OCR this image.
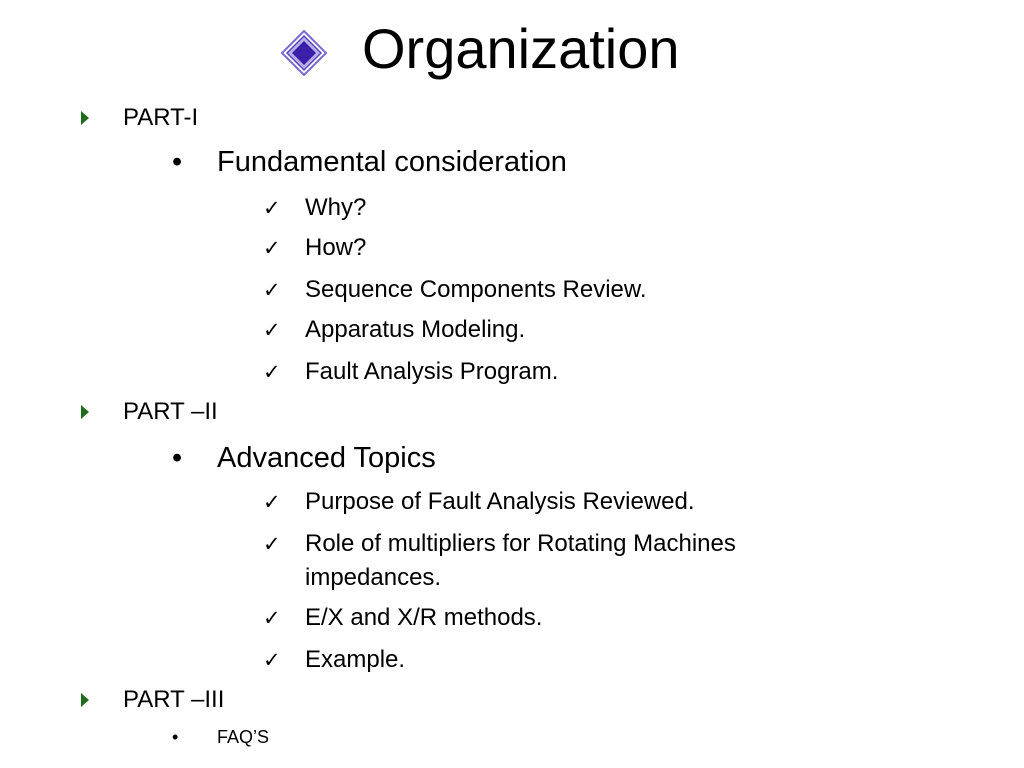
Organization
PART-I
• Fundamental consideration
✓ Why?
✓ How?
✓ Sequence Components Review.
✓ Apparatus Modeling.
✓ Fault Analysis Program.
PART –II
• Advanced Topics
✓ Purpose of Fault Analysis Reviewed.
✓ Role of multipliers for Rotating Machines
impedances.
✓ E/X and X/R methods.
✓ Example.
PART –III
• FAQ’S
